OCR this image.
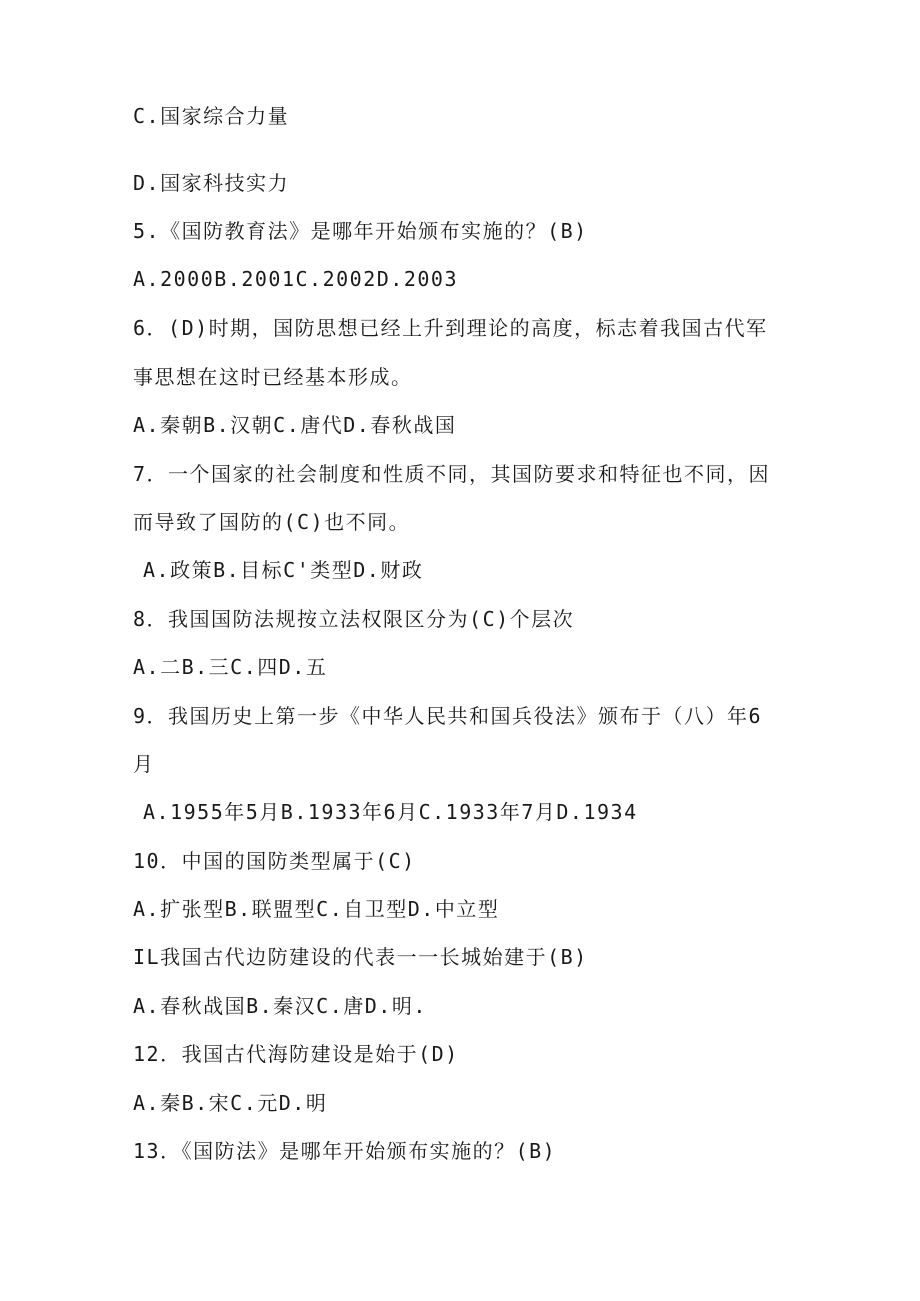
C.国家综合力量
D.国家科技实力
5.《国防教育法》是哪年开始颁布实施的？(B)
A.2000B.2001C.2002D.2003
6．(D)时期，国防思想已经上升到理论的高度，标志着我国古代军
事思想在这时已经基本形成。
A.秦朝B.汉朝C.唐代D.春秋战国
7．一个国家的社会制度和性质不同，其国防要求和特征也不同，因
而导致了国防的(C)也不同。
A.政策B.目标C'类型D.财政
8．我国国防法规按立法权限区分为(C)个层次
A.二B.三C.四D.五
9．我国历史上第一步《中华人民共和国兵役法》颁布于（八）年6
月
A.1955年5月B.1933年6月C.1933年7月D.1934
10．中国的国防类型属于(C)
A.扩张型B.联盟型C.自卫型D.中立型
IL我国古代边防建设的代表一一长城始建于(B)
A.春秋战国B.秦汉C.唐D.明.
12．我国古代海防建设是始于(D)
A.秦B.宋C.元D.明
13．《国防法》是哪年开始颁布实施的？(B)
